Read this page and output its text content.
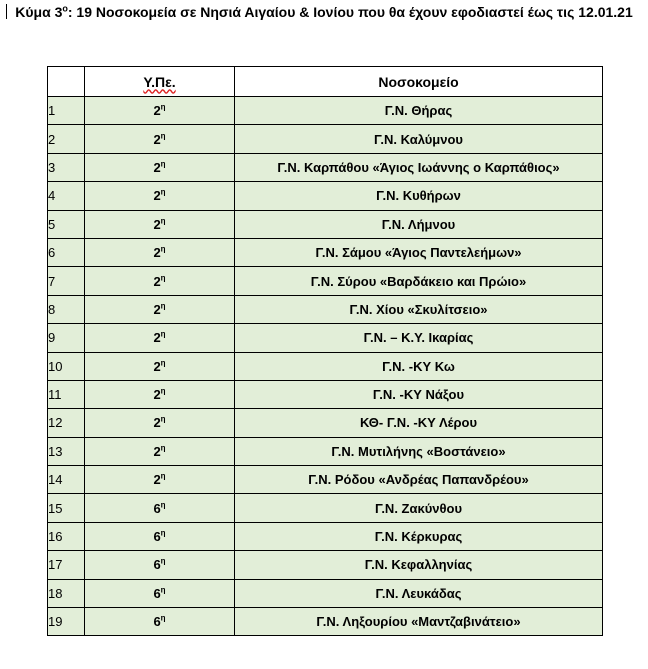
Κύμα $3^o$: 19 Νοσοκομεία σε Νησιά Αιγαίου & Ιονίου που θα έχουν εφοδιαστεί έως τις 12.01.21
	Υ.Πε.	Νοσοκομείο
1	$2^\eta$	Γ.Ν. Θήρας
2	$2^\eta$	Γ.Ν. Καλύμνου
3	$2^\eta$	Γ.Ν. Καρπάθου «Άγιος Ιωάννης ο Καρπάθιος»
4	$2^\eta$	Γ.Ν. Κυθήρων
5	$2^\eta$	Γ.Ν. Λήμνου
6	$2^\eta$	Γ.Ν. Σάμου «Άγιος Παντελεήμων»
7	$2^\eta$	Γ.Ν. Σύρου «Βαρδάκειο και Πρώιο»
8	$2^\eta$	Γ.Ν. Χίου «Σκυλίτσειο»
9	$2^\eta$	Γ.Ν. – Κ.Υ. Ικαρίας
10	$2^\eta$	Γ.Ν. -ΚΥ Κω
11	$2^\eta$	Γ.Ν. -ΚΥ Νάξου
12	$2^\eta$	ΚΘ- Γ.Ν. -ΚΥ Λέρου
13	$2^\eta$	Γ.Ν. Μυτιλήνης «Βοστάνειο»
14	$2^\eta$	Γ.Ν. Ρόδου «Ανδρέας Παπανδρέου»
15	$6^\eta$	Γ.Ν. Ζακύνθου
16	$6^\eta$	Γ.Ν. Κέρκυρας
17	$6^\eta$	Γ.Ν. Κεφαλληνίας
18	$6^\eta$	Γ.Ν. Λευκάδας
19	$6^\eta$	Γ.Ν. Ληξουρίου «Μαντζαβινάτειο»
